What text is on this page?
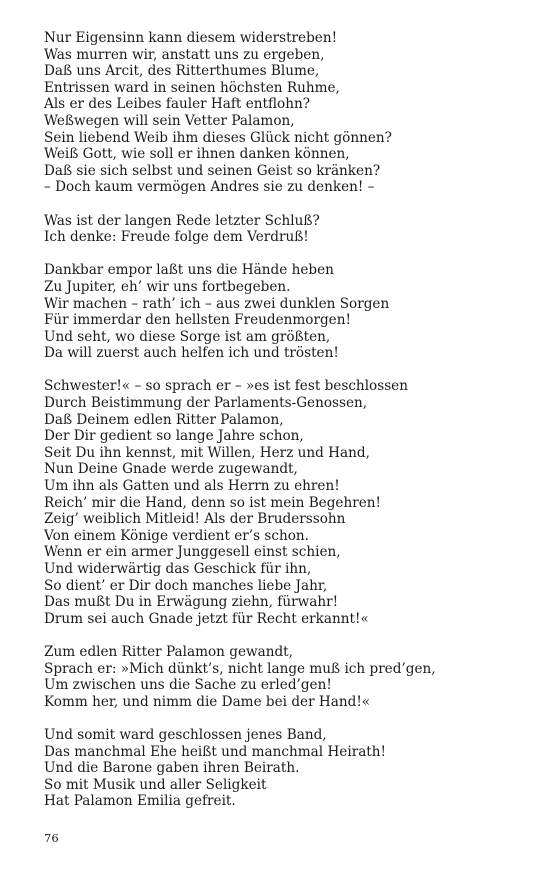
Nur Eigensinn kann diesem widerstreben!
Was murren wir, anstatt uns zu ergeben,
Daß uns Arcit, des Ritterthumes Blume,
Entrissen ward in seinen höchsten Ruhme,
Als er des Leibes fauler Haft entflohn?
Weßwegen will sein Vetter Palamon,
Sein liebend Weib ihm dieses Glück nicht gönnen?
Weiß Gott, wie soll er ihnen danken können,
Daß sie sich selbst und seinen Geist so kränken?
– Doch kaum vermögen Andres sie zu denken! –
Was ist der langen Rede letzter Schluß?
Ich denke: Freude folge dem Verdruß!
Dankbar empor laßt uns die Hände heben
Zu Jupiter, eh’ wir uns fortbegeben.
Wir machen – rath’ ich – aus zwei dunklen Sorgen
Für immerdar den hellsten Freudenmorgen!
Und seht, wo diese Sorge ist am größten,
Da will zuerst auch helfen ich und trösten!
Schwester!« – so sprach er – »es ist fest beschlossen
Durch Beistimmung der Parlaments-Genossen,
Daß Deinem edlen Ritter Palamon,
Der Dir gedient so lange Jahre schon,
Seit Du ihn kennst, mit Willen, Herz und Hand,
Nun Deine Gnade werde zugewandt,
Um ihn als Gatten und als Herrn zu ehren!
Reich’ mir die Hand, denn so ist mein Begehren!
Zeig’ weiblich Mitleid! Als der Bruderssohn
Von einem Könige verdient er’s schon.
Wenn er ein armer Junggesell einst schien,
Und widerwärtig das Geschick für ihn,
So dient’ er Dir doch manches liebe Jahr,
Das mußt Du in Erwägung ziehn, fürwahr!
Drum sei auch Gnade jetzt für Recht erkannt!«
Zum edlen Ritter Palamon gewandt,
Sprach er: »Mich dünkt’s, nicht lange muß ich pred’gen,
Um zwischen uns die Sache zu erled’gen!
Komm her, und nimm die Dame bei der Hand!«
Und somit ward geschlossen jenes Band,
Das manchmal Ehe heißt und manchmal Heirath!
Und die Barone gaben ihren Beirath.
So mit Musik und aller Seligkeit
Hat Palamon Emilia gefreit.
76
